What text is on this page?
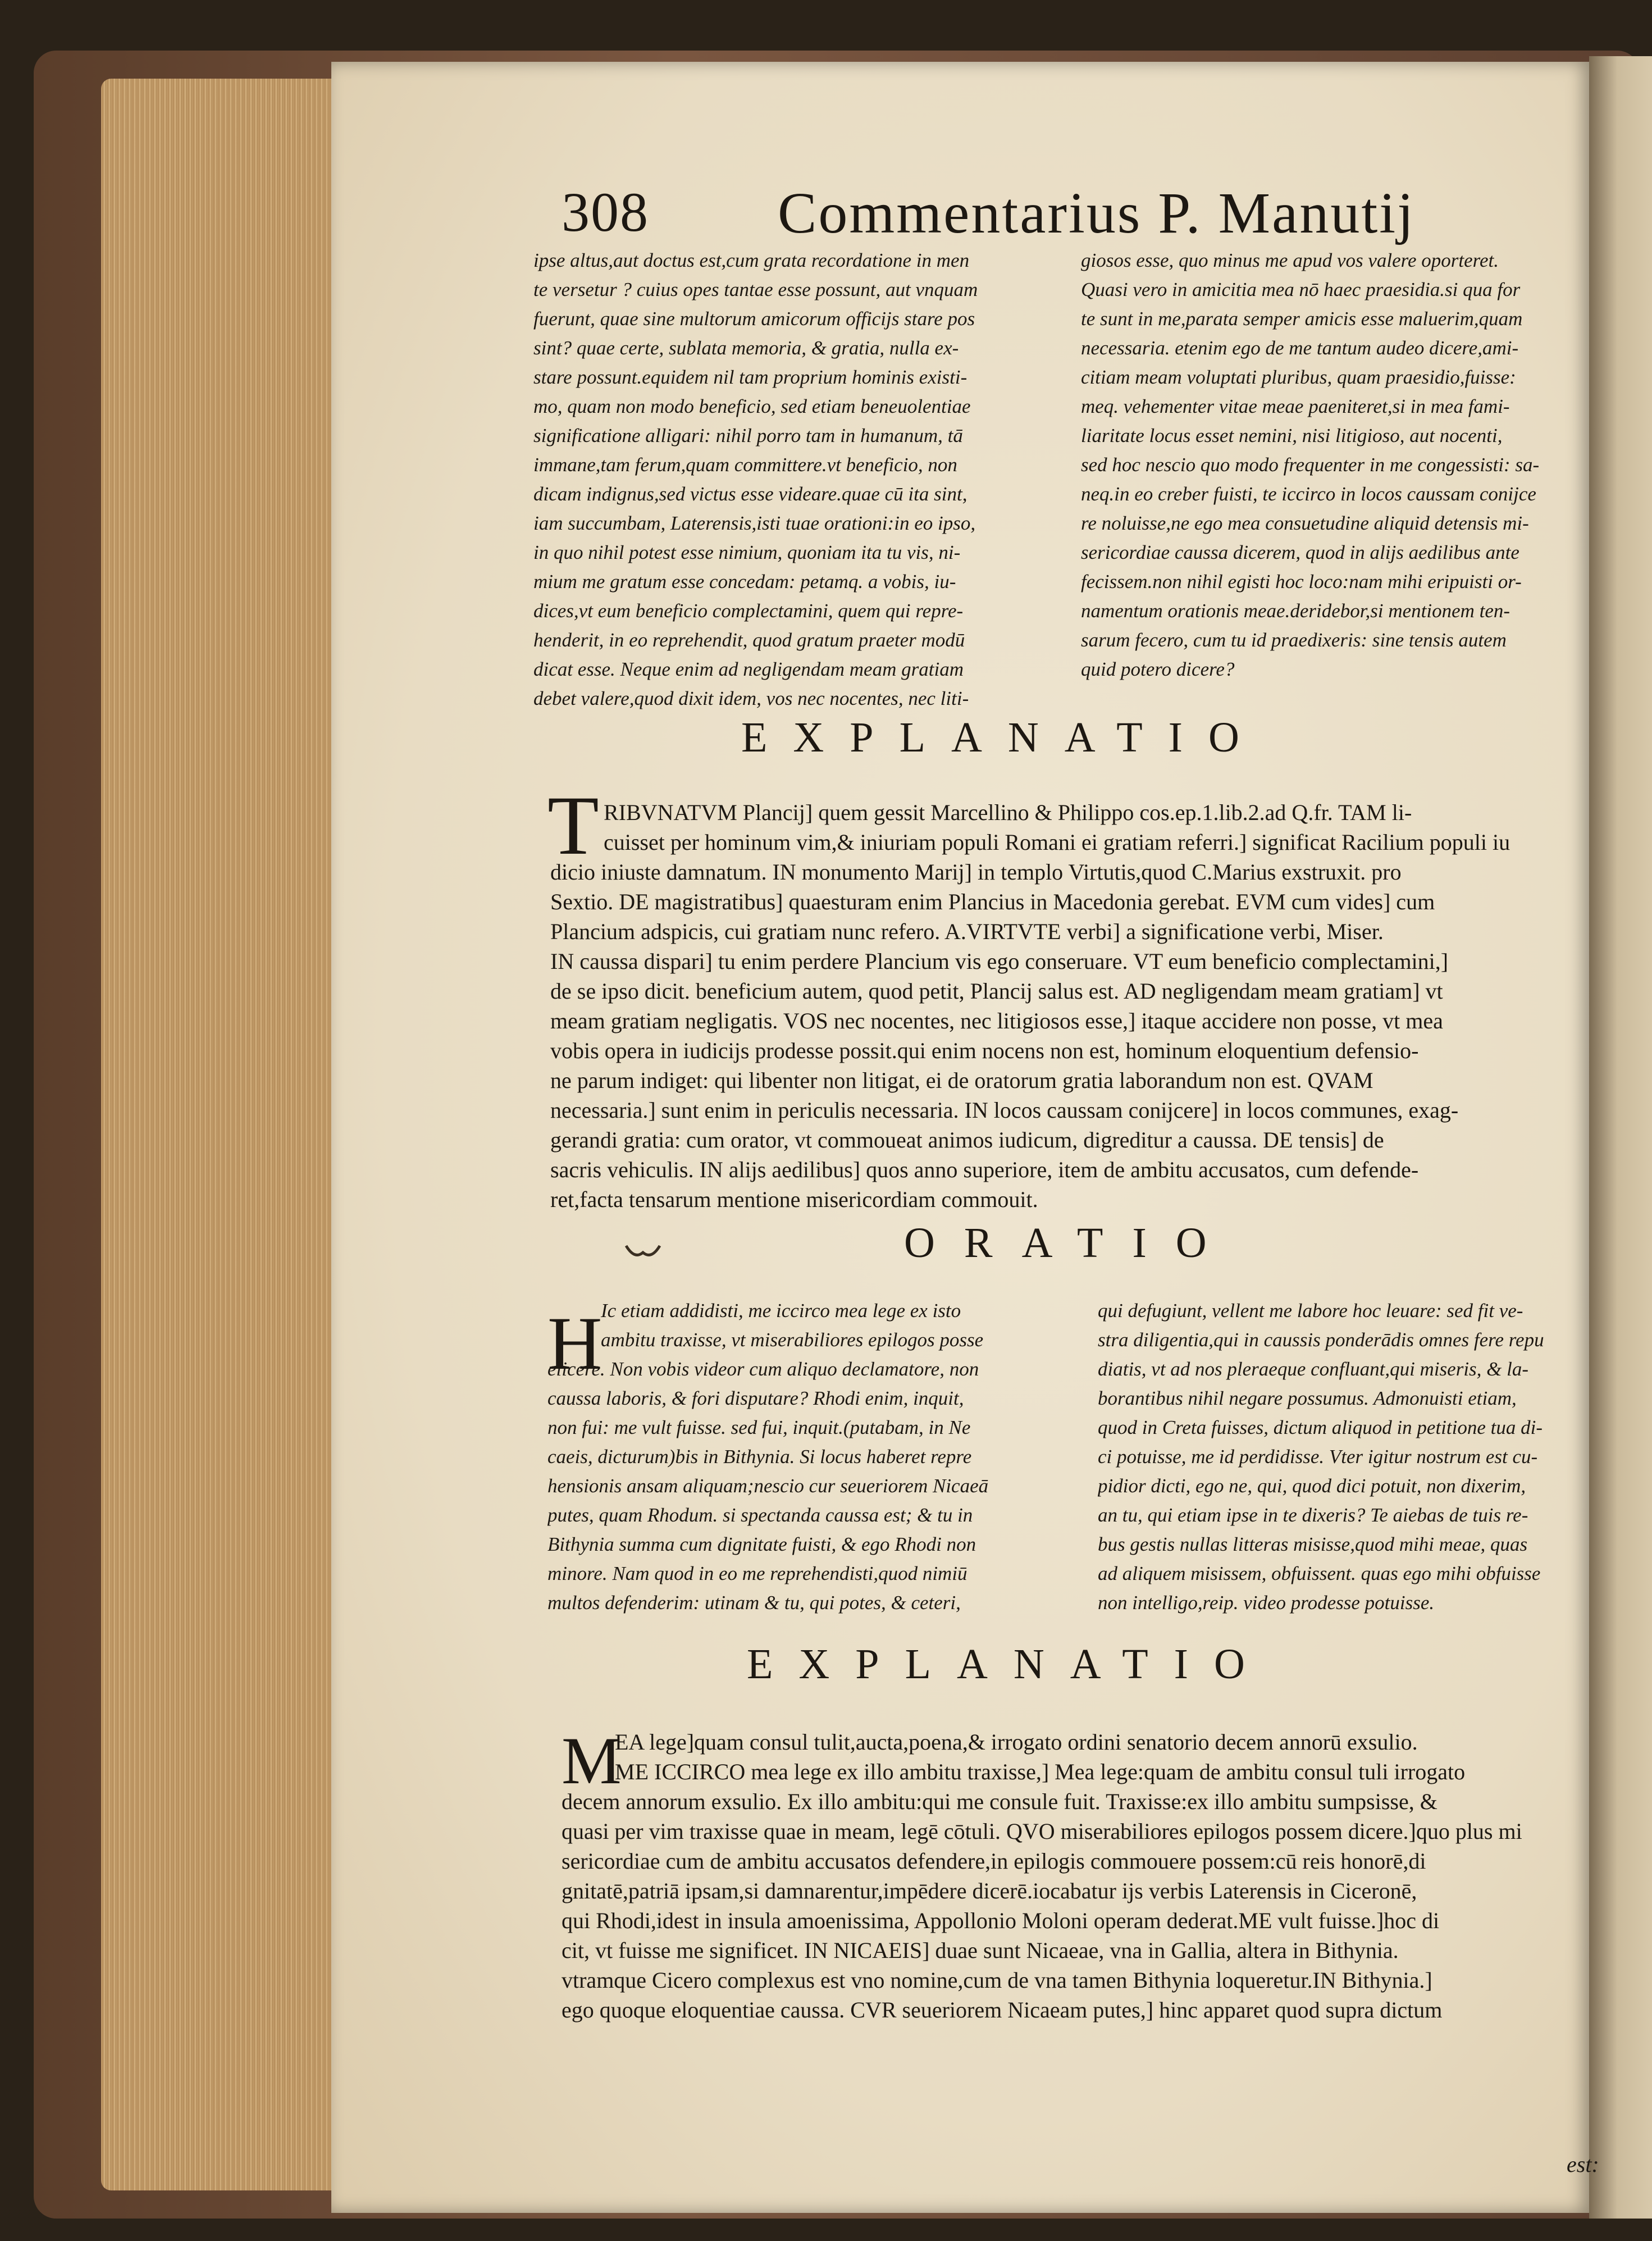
308 Commentarius P. Manutij
ipse altus,aut doctus est,cum grata recordatione in men
te versetur ? cuius opes tantae esse possunt, aut vnquam
fuerunt, quae sine multorum amicorum officijs stare pos
sint? quae certe, sublata memoria, & gratia, nulla ex-
stare possunt.equidem nil tam proprium hominis existi-
mo, quam non modo beneficio, sed etiam beneuolentiae
significatione alligari: nihil porro tam in humanum, tā
immane,tam ferum,quam committere.vt beneficio, non
dicam indignus,sed victus esse videare.quae cū ita sint,
iam succumbam, Laterensis,isti tuae orationi:in eo ipso,
in quo nihil potest esse nimium, quoniam ita tu vis, ni-
mium me gratum esse concedam: petamq. a vobis, iu-
dices,vt eum beneficio complectamini, quem qui repre-
henderit, in eo reprehendit, quod gratum praeter modū
dicat esse. Neque enim ad negligendam meam gratiam
debet valere,quod dixit idem, vos nec nocentes, nec liti-
giosos esse, quo minus me apud vos valere oporteret.
Quasi vero in amicitia mea nō haec praesidia.si qua for
te sunt in me,parata semper amicis esse maluerim,quam
necessaria. etenim ego de me tantum audeo dicere,ami-
citiam meam voluptati pluribus, quam praesidio,fuisse:
meq. vehementer vitae meae paeniteret,si in mea fami-
liaritate locus esset nemini, nisi litigioso, aut nocenti,
sed hoc nescio quo modo frequenter in me congessisti: sa-
neq.in eo creber fuisti, te iccirco in locos caussam conijce
re noluisse,ne ego mea consuetudine aliquid detensis mi-
sericordiae caussa dicerem, quod in alijs aedilibus ante
fecissem.non nihil egisti hoc loco:nam mihi eripuisti or-
namentum orationis meae.deridebor,si mentionem ten-
sarum fecero, cum tu id praedixeris: sine tensis autem
quid potero dicere?
EXPLANATIO
T RIBVNATVM Plancij] quem gessit Marcellino & Philippo cos.ep.1.lib.2.ad Q.fr. TAM li-
cuisset per hominum vim,& iniuriam populi Romani ei gratiam referri.] significat Racilium populi iu
dicio iniuste damnatum. IN monumento Marij] in templo Virtutis,quod C.Marius exstruxit. pro
Sextio. DE magistratibus] quaesturam enim Plancius in Macedonia gerebat. EVM cum vides] cum
Plancium adspicis, cui gratiam nunc refero. A.VIRTVTE verbi] a significatione verbi, Miser.
IN caussa dispari] tu enim perdere Plancium vis ego conseruare. VT eum beneficio complectamini,]
de se ipso dicit. beneficium autem, quod petit, Plancij salus est. AD negligendam meam gratiam] vt
meam gratiam negligatis. VOS nec nocentes, nec litigiosos esse,] itaque accidere non posse, vt mea
vobis opera in iudicijs prodesse possit.qui enim nocens non est, hominum eloquentium defensio-
ne parum indiget: qui libenter non litigat, ei de oratorum gratia laborandum non est. QVAM
necessaria.] sunt enim in periculis necessaria. IN locos caussam conijcere] in locos communes, exag-
gerandi gratia: cum orator, vt commoueat animos iudicum, digreditur a caussa. DE tensis] de
sacris vehiculis. IN alijs aedilibus] quos anno superiore, item de ambitu accusatos, cum defende-
ret,facta tensarum mentione misericordiam commouit.
ORATIO
H
Ic etiam addidisti, me iccirco mea lege ex isto
ambitu traxisse, vt miserabiliores epilogos posse
elicere. Non vobis videor cum aliquo declamatore, non
caussa laboris, & fori disputare? Rhodi enim, inquit,
non fui: me vult fuisse. sed fui, inquit.(putabam, in Ne
caeis, dicturum)bis in Bithynia. Si locus haberet repre
hensionis ansam aliquam;nescio cur seueriorem Nicaeā
putes, quam Rhodum. si spectanda caussa est; & tu in
Bithynia summa cum dignitate fuisti, & ego Rhodi non
minore. Nam quod in eo me reprehendisti,quod nimiū
multos defenderim: utinam & tu, qui potes, & ceteri,
qui defugiunt, vellent me labore hoc leuare: sed fit ve-
stra diligentia,qui in caussis ponderādis omnes fere repu
diatis, vt ad nos pleraeque confluant,qui miseris, & la-
borantibus nihil negare possumus. Admonuisti etiam,
quod in Creta fuisses, dictum aliquod in petitione tua di-
ci potuisse, me id perdidisse. Vter igitur nostrum est cu-
pidior dicti, ego ne, qui, quod dici potuit, non dixerim,
an tu, qui etiam ipse in te dixeris? Te aiebas de tuis re-
bus gestis nullas litteras misisse,quod mihi meae, quas
ad aliquem misissem, obfuissent. quas ego mihi obfuisse
non intelligo,reip. video prodesse potuisse.
EXPLANATIO
M
EA lege]quam consul tulit,aucta,poena,& irrogato ordini senatorio decem annorū exsulio.
ME ICCIRCO mea lege ex illo ambitu traxisse,] Mea lege:quam de ambitu consul tuli irrogato
decem annorum exsulio. Ex illo ambitu:qui me consule fuit. Traxisse:ex illo ambitu sumpsisse, &
quasi per vim traxisse quae in meam, legē cōtuli. QVO miserabiliores epilogos possem dicere.]quo plus mi
sericordiae cum de ambitu accusatos defendere,in epilogis commouere possem:cū reis honorē,di
gnitatē,patriā ipsam,si damnarentur,impēdere dicerē.iocabatur ijs verbis Laterensis in Ciceronē,
qui Rhodi,idest in insula amoenissima, Appollonio Moloni operam dederat.ME vult fuisse.]hoc di
cit, vt fuisse me significet. IN NICAEIS] duae sunt Nicaeae, vna in Gallia, altera in Bithynia.
vtramque Cicero complexus est vno nomine,cum de vna tamen Bithynia loqueretur.IN Bithynia.]
ego quoque eloquentiae caussa. CVR seueriorem Nicaeam putes,] hinc apparet quod supra dictum
est:
